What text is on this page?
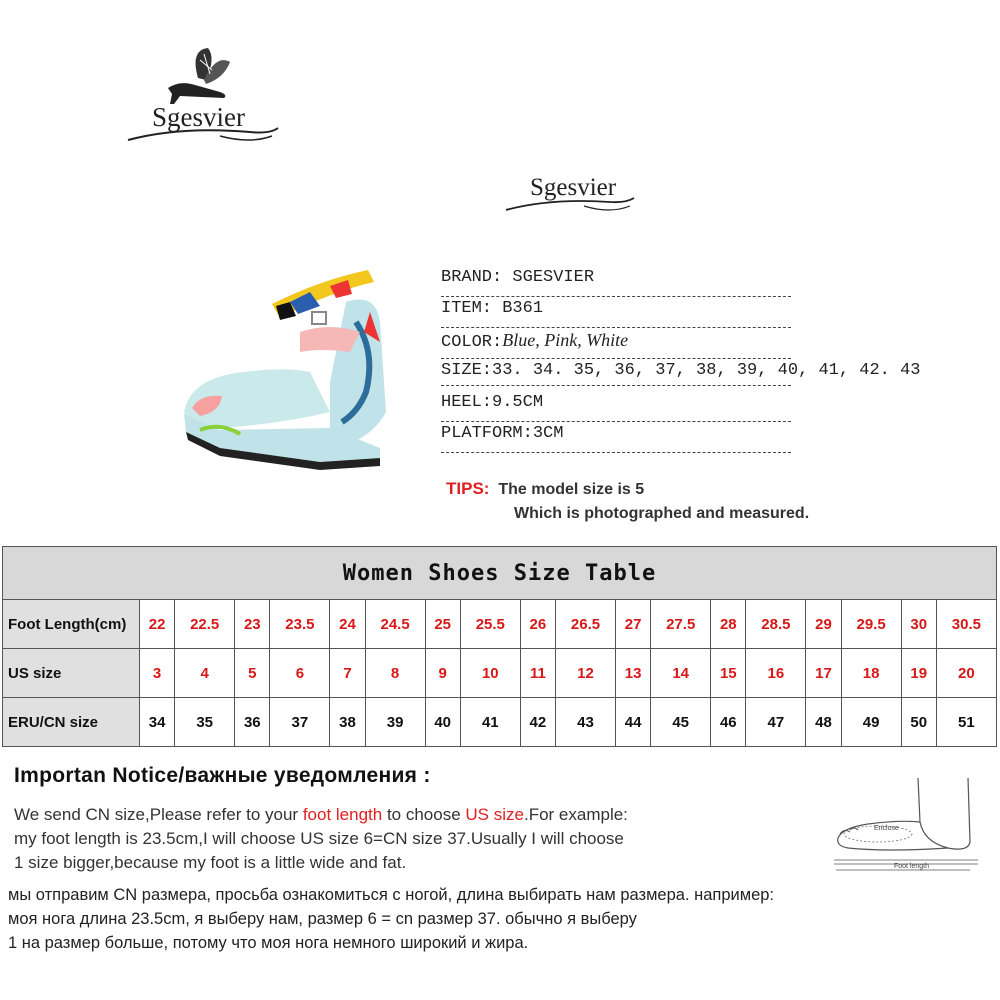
Sgesvier
Sgesvier
BRAND: SGESVIER
ITEM: B361
COLOR:Blue, Pink, White
SIZE:33. 34. 35, 36, 37, 38, 39, 40, 41, 42. 43
HEEL:9.5CM
PLATFORM:3CM
TIPS: The model size is 5
Which is photographed and measured.
Women Shoes Size Table																		
Foot Length(cm)	22	22.5	23	23.5	24	24.5	25	25.5	26	26.5	27	27.5	28	28.5	29	29.5	30	30.5
US size	3	4	5	6	7	8	9	10	11	12	13	14	15	16	17	18	19	20
ERU/CN size	34	35	36	37	38	39	40	41	42	43	44	45	46	47	48	49	50	51
Importan Notice/важные уведомления :
We send CN size,Please refer to your foot length to choose US size.For example:
my foot length is 23.5cm,I will choose US size 6=CN size 37.Usually I will choose
1 size bigger,because my foot is a little wide and fat.
мы отправим CN размера, просьба ознакомиться с ногой, длина выбирать нам размера. например:
моя нога длина 23.5cm, я выберу нам, размер 6 = cn размер 37. обычно я выберу
1 на размер больше, потому что моя нога немного широкий и жира.
Enclose
Foot length
